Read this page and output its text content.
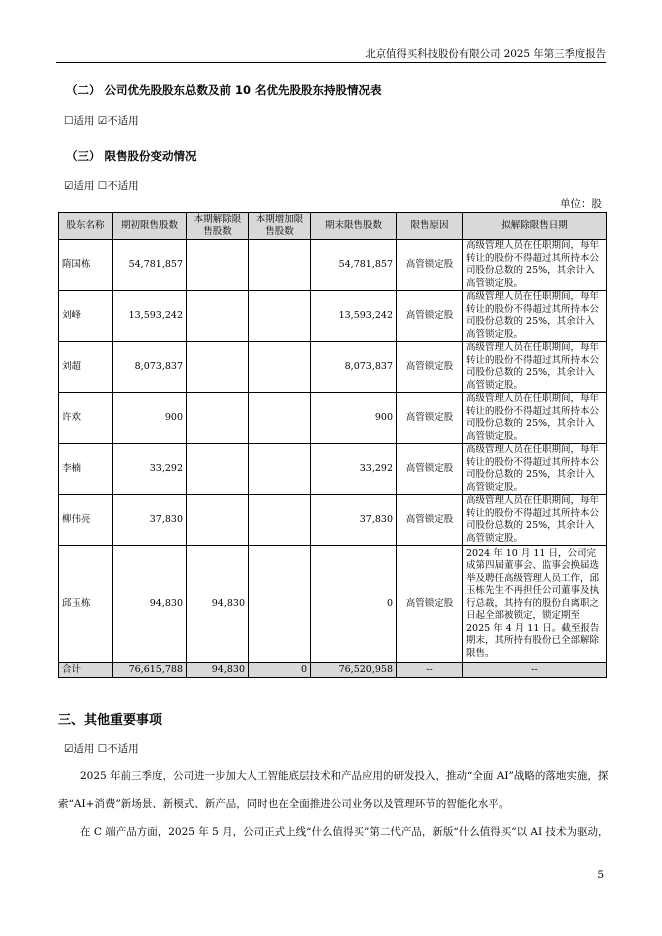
北京值得买科技股份有限公司 2025 年第三季度报告
（二） 公司优先股股东总数及前 10 名优先股股东持股情况表
☐适用 ☑不适用
（三） 限售股份变动情况
☑适用 ☐不适用
单位：股
股东名称	期初限售股数	本期解除限售股数	本期增加限售股数	期末限售股数	限售原因	拟解除限售日期
隋国栋	54,781,857			54,781,857	高管锁定股	高级管理人员在任职期间，每年转让的股份不得超过其所持本公司股份总数的 25%，其余计入高管锁定股。
刘峰	13,593,242			13,593,242	高管锁定股	高级管理人员在任职期间，每年转让的股份不得超过其所持本公司股份总数的 25%，其余计入高管锁定股。
刘超	8,073,837			8,073,837	高管锁定股	高级管理人员在任职期间，每年转让的股份不得超过其所持本公司股份总数的 25%，其余计入高管锁定股。
许欢	900			900	高管锁定股	高级管理人员在任职期间，每年转让的股份不得超过其所持本公司股份总数的 25%，其余计入高管锁定股。
李楠	33,292			33,292	高管锁定股	高级管理人员在任职期间，每年转让的股份不得超过其所持本公司股份总数的 25%，其余计入高管锁定股。
柳伟亮	37,830			37,830	高管锁定股	高级管理人员在任职期间，每年转让的股份不得超过其所持本公司股份总数的 25%，其余计入高管锁定股。
邱玉栋	94,830	94,830		0	高管锁定股	2024 年 10 月 11 日，公司完成第四届董事会、监事会换届选举及聘任高级管理人员工作，邱玉栋先生不再担任公司董事及执行总裁，其持有的股份自离职之日起全部被锁定，锁定期至 2025 年 4 月 11 日。截至报告期末，其所持有股份已全部解除限售。
合计	76,615,788	94,830	0	76,520,958	--	--
三、其他重要事项
☑适用 ☐不适用
2025 年前三季度，公司进一步加大人工智能底层技术和产品应用的研发投入，推动“全面 AI”战略的落地实施，探
索“AI+消费”新场景、新模式、新产品，同时也在全面推进公司业务以及管理环节的智能化水平。
在 C 端产品方面，2025 年 5 月，公司正式上线“什么值得买”第二代产品，新版“什么值得买”以 AI 技术为驱动，
5
